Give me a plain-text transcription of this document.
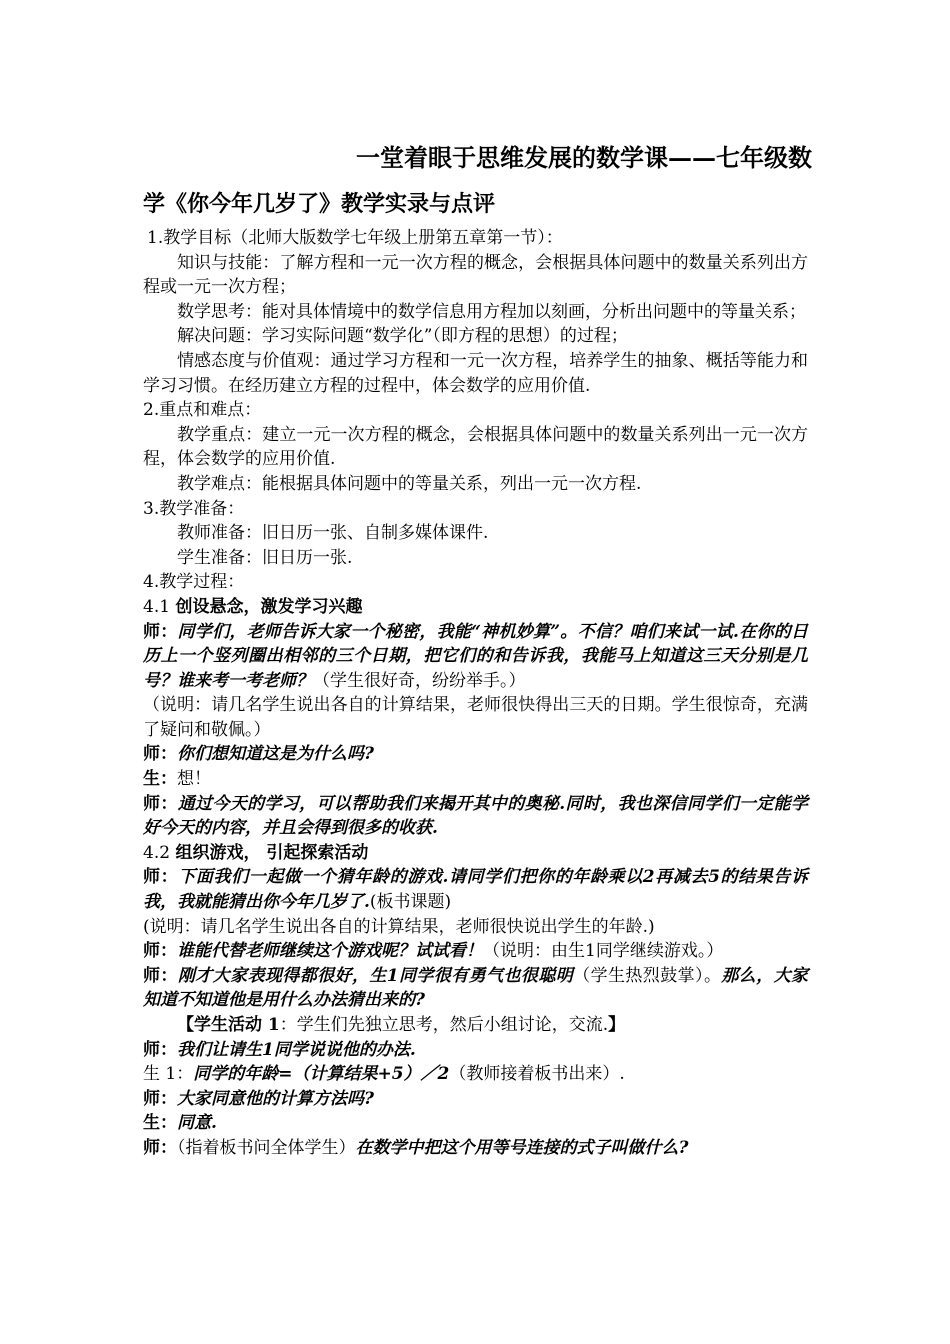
一堂着眼于思维发展的数学课——七年级数
学《你今年几岁了》教学实录与点评

1.教学目标（北师大版数学七年级上册第五章第一节）：

知识与技能：了解方程和一元一次方程的概念，会根据具体问题中的数量关系列出方程或一元一次方程；

数学思考：能对具体情境中的数学信息用方程加以刻画，分析出问题中的等量关系；

解决问题：学习实际问题“数学化”（即方程的思想）的过程；

情感态度与价值观：通过学习方程和一元一次方程，培养学生的抽象、概括等能力和学习习惯。在经历建立方程的过程中，体会数学的应用价值.

2.重点和难点：

教学重点：建立一元一次方程的概念，会根据具体问题中的数量关系列出一元一次方程，体会数学的应用价值.

教学难点：能根据具体问题中的等量关系，列出一元一次方程.

3.教学准备：

教师准备：旧日历一张、自制多媒体课件.

学生准备：旧日历一张.

4.教学过程：

4.1 创设悬念，激发学习兴趣

师：同学们，老师告诉大家一个秘密，我能“神机妙算”。不信？咱们来试一试.在你的日历上一个竖列圈出相邻的三个日期，把它们的和告诉我，我能马上知道这三天分别是几号？谁来考一考老师？（学生很好奇，纷纷举手。）

（说明：请几名学生说出各自的计算结果，老师很快得出三天的日期。学生很惊奇，充满了疑问和敬佩。）

师：你们想知道这是为什么吗?

生：想！

师：通过今天的学习，可以帮助我们来揭开其中的奥秘.同时，我也深信同学们一定能学好今天的内容，并且会得到很多的收获.

4.2 组织游戏， 引起探索活动

师：下面我们一起做一个猜年龄的游戏.请同学们把你的年龄乘以2再减去5的结果告诉我，我就能猜出你今年几岁了.(板书课题)

(说明：请几名学生说出各自的计算结果，老师很快说出学生的年龄.)

师：谁能代替老师继续这个游戏呢？试试看！（说明：由生1同学继续游戏。）

师：刚才大家表现得都很好，生1同学很有勇气也很聪明（学生热烈鼓掌）。那么，大家知道不知道他是用什么办法猜出来的?

【学生活动 1：学生们先独立思考，然后小组讨论，交流.】

师：我们让请生1同学说说他的办法.

生 1：同学的年龄=（计算结果+5）／2（教师接着板书出来）.

师：大家同意他的计算方法吗?

生：同意.

师：（指着板书问全体学生）在数学中把这个用等号连接的式子叫做什么?
